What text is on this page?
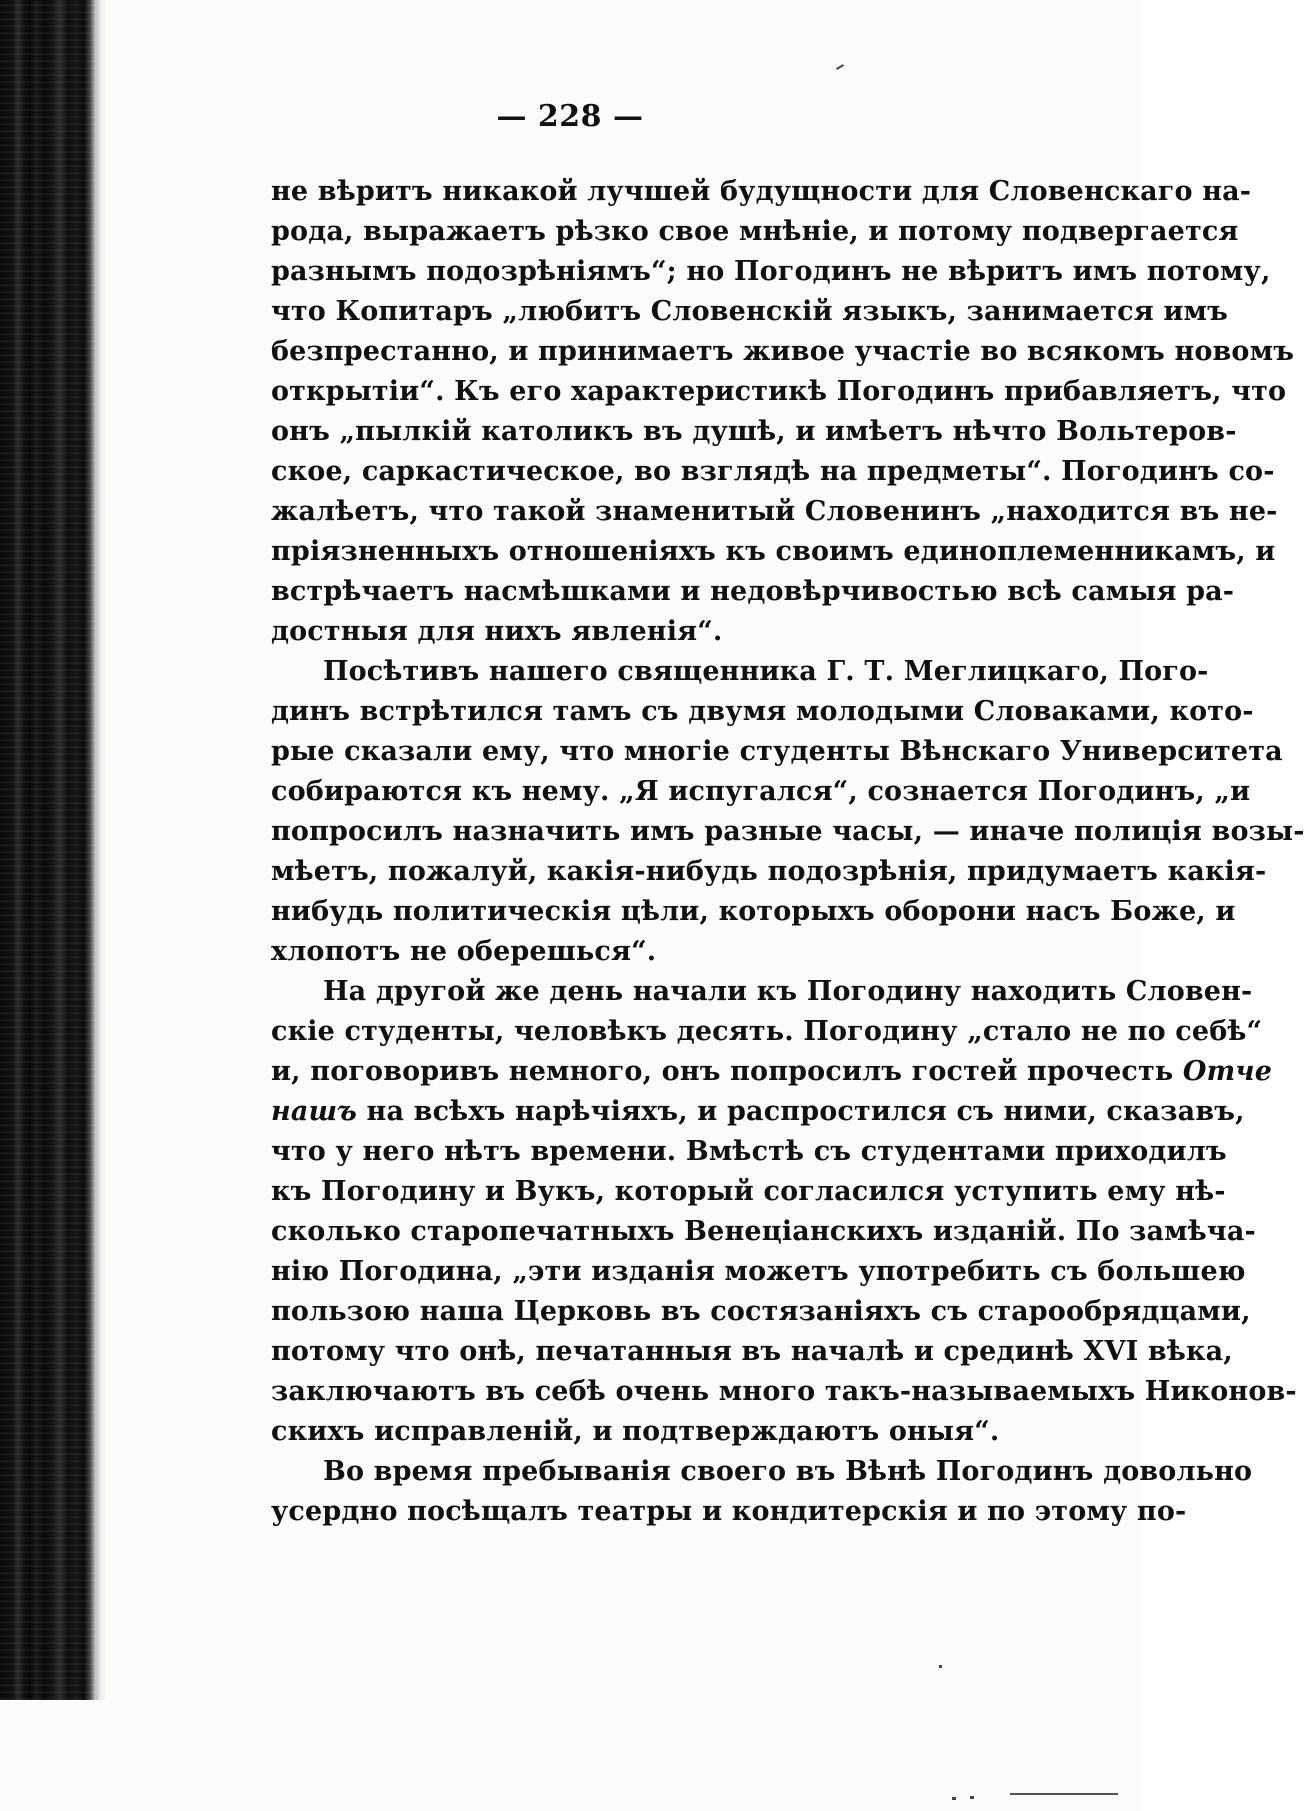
— 228 —
не вѣритъ никакой лучшей будущности для Словенскаго на-
рода, выражаетъ рѣзко свое мнѣніе, и потому подвергается
разнымъ подозрѣніямъ“; но Погодинъ не вѣритъ имъ потому,
что Копитаръ „любитъ Словенскій языкъ, занимается имъ
безпрестанно, и принимаетъ живое участіе во всякомъ новомъ
открытіи“. Къ его характеристикѣ Погодинъ прибавляетъ, что
онъ „пылкій католикъ въ душѣ, и имѣетъ нѣчто Вольтеров-
ское, саркастическое, во взглядѣ на предметы“. Погодинъ со-
жалѣетъ, что такой знаменитый Словенинъ „находится въ не-
пріязненныхъ отношеніяхъ къ своимъ единоплеменникамъ, и
встрѣчаетъ насмѣшками и недовѣрчивостью всѣ самыя ра-
достныя для нихъ явленія“.
Посѣтивъ нашего священника Г. Т. Меглицкаго, Пого-
динъ встрѣтился тамъ съ двумя молодыми Словаками, кото-
рые сказали ему, что многіе студенты Вѣнскаго Университета
собираются къ нему. „Я испугался“, сознается Погодинъ, „и
попросилъ назначить имъ разные часы, — иначе полиція возы-
мѣетъ, пожалуй, какія-нибудь подозрѣнія, придумаетъ какія-
нибудь политическія цѣли, которыхъ оборони насъ Боже, и
хлопотъ не оберешься“.
На другой же день начали къ Погодину находить Словен-
скіе студенты, человѣкъ десять. Погодину „стало не по себѣ“
и, поговоривъ немного, онъ попросилъ гостей прочесть Отче
нашъ на всѣхъ нарѣчіяхъ, и распростился съ ними, сказавъ,
что у него нѣтъ времени. Вмѣстѣ съ студентами приходилъ
къ Погодину и Вукъ, который согласился уступить ему нѣ-
сколько старопечатныхъ Венеціанскихъ изданій. По замѣча-
нію Погодина, „эти изданія можетъ употребить съ большею
пользою наша Церковь въ состязаніяхъ съ старообрядцами,
потому что онѣ, печатанныя въ началѣ и срединѣ XVI вѣка,
заключаютъ въ себѣ очень много такъ-называемыхъ Никонов-
скихъ исправленій, и подтверждаютъ оныя“.
Во время пребыванія своего въ Вѣнѣ Погодинъ довольно
усердно посѣщалъ театры и кондитерскія и по этому по-
